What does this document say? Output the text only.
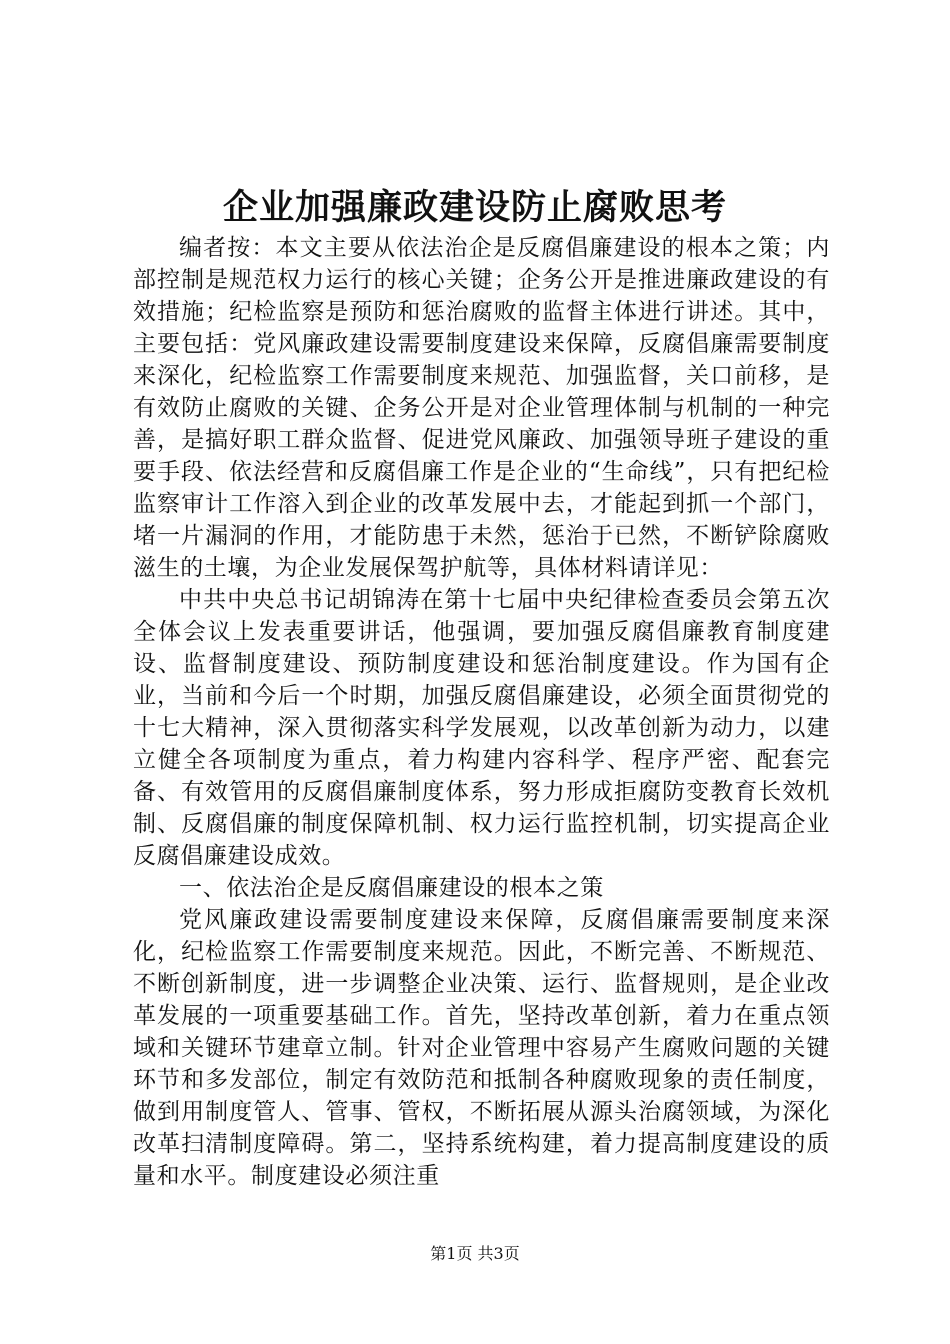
企业加强廉政建设防止腐败思考

编者按：本文主要从依法治企是反腐倡廉建设的根本之策；内部控制是规范权力运行的核心关键；企务公开是推进廉政建设的有效措施；纪检监察是预防和惩治腐败的监督主体进行讲述。其中，主要包括：党风廉政建设需要制度建设来保障，反腐倡廉需要制度来深化，纪检监察工作需要制度来规范、加强监督，关口前移，是有效防止腐败的关键、企务公开是对企业管理体制与机制的一种完善，是搞好职工群众监督、促进党风廉政、加强领导班子建设的重要手段、依法经营和反腐倡廉工作是企业的“生命线”，只有把纪检监察审计工作溶入到企业的改革发展中去，才能起到抓一个部门，堵一片漏洞的作用，才能防患于未然，惩治于已然，不断铲除腐败滋生的土壤，为企业发展保驾护航等，具体材料请详见：

中共中央总书记胡锦涛在第十七届中央纪律检查委员会第五次全体会议上发表重要讲话，他强调，要加强反腐倡廉教育制度建设、监督制度建设、预防制度建设和惩治制度建设。作为国有企业，当前和今后一个时期，加强反腐倡廉建设，必须全面贯彻党的十七大精神，深入贯彻落实科学发展观，以改革创新为动力，以建立健全各项制度为重点，着力构建内容科学、程序严密、配套完备、有效管用的反腐倡廉制度体系，努力形成拒腐防变教育长效机制、反腐倡廉的制度保障机制、权力运行监控机制，切实提高企业反腐倡廉建设成效。

一、依法治企是反腐倡廉建设的根本之策

党风廉政建设需要制度建设来保障，反腐倡廉需要制度来深化，纪检监察工作需要制度来规范。因此，不断完善、不断规范、不断创新制度，进一步调整企业决策、运行、监督规则，是企业改革发展的一项重要基础工作。首先，坚持改革创新，着力在重点领域和关键环节建章立制。针对企业管理中容易产生腐败问题的关键环节和多发部位，制定有效防范和抵制各种腐败现象的责任制度，做到用制度管人、管事、管权，不断拓展从源头治腐领域，为深化改革扫清制度障碍。第二，坚持系统构建，着力提高制度建设的质量和水平。制度建设必须注重

第1页 共3页
